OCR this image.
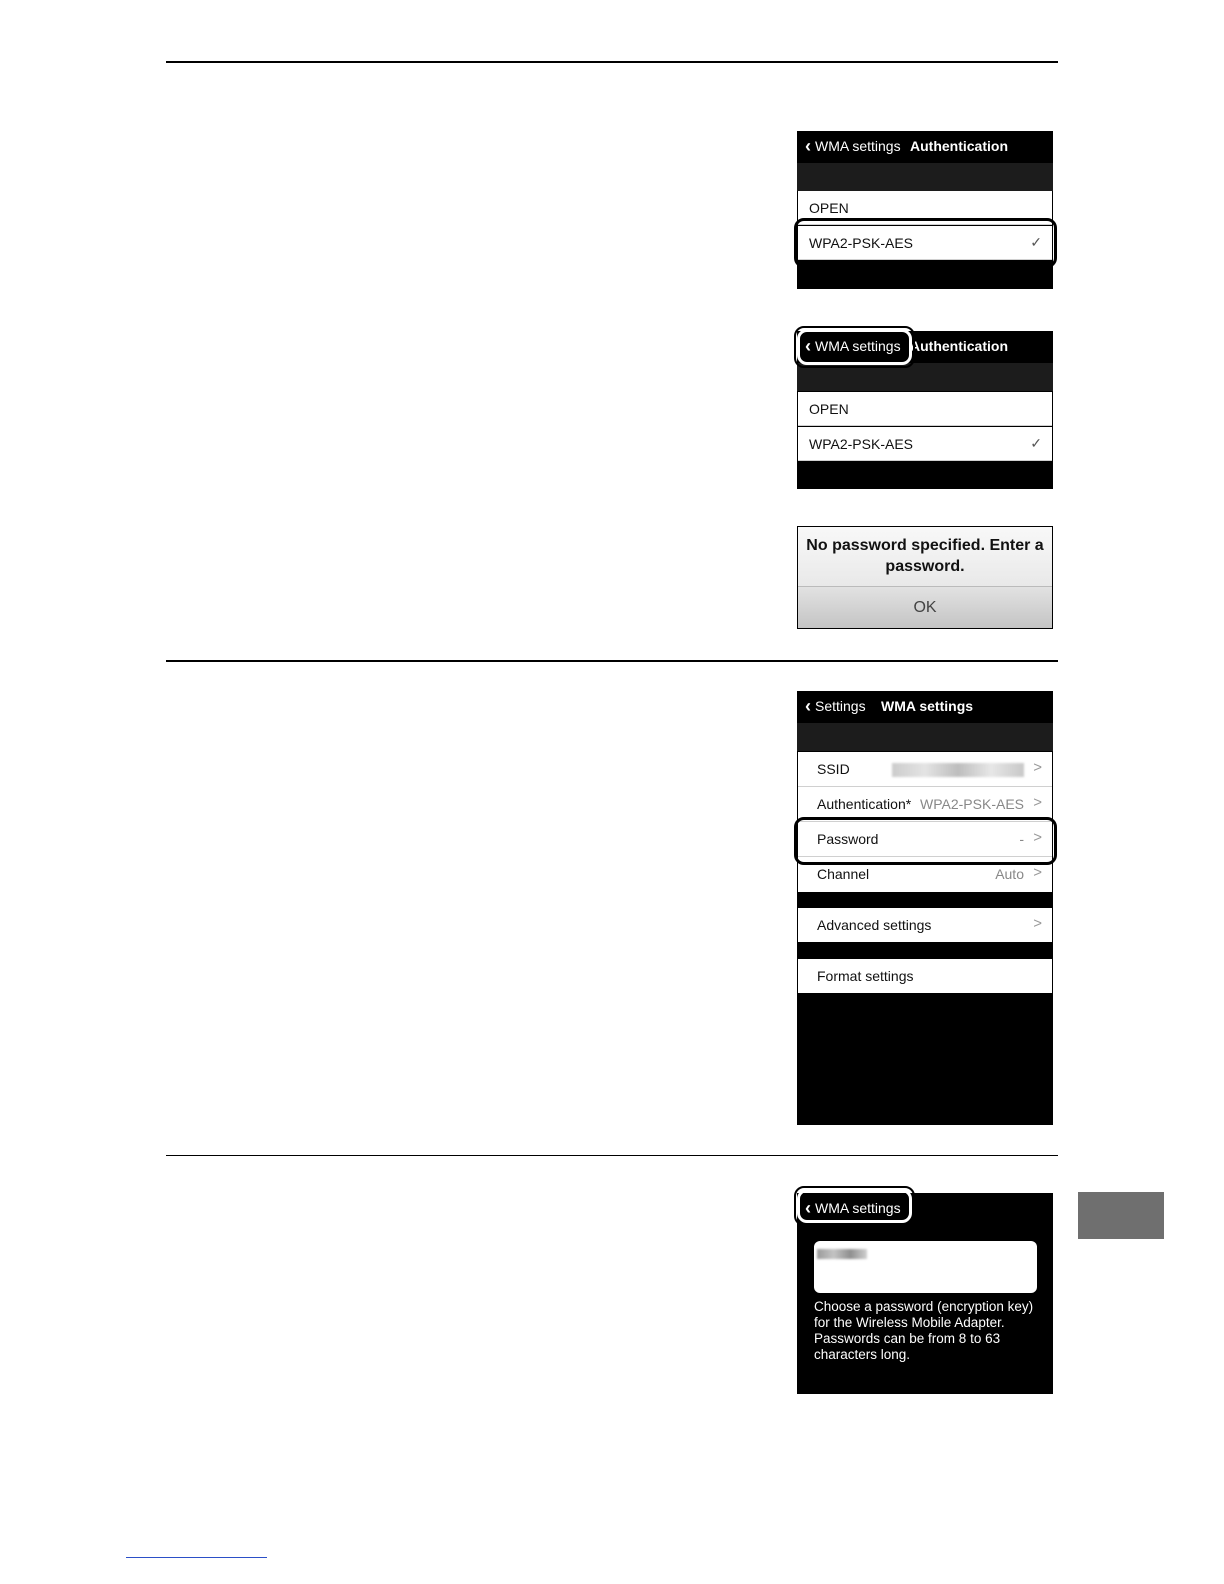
‹ WMA settings Authentication
OPEN
WPA2-PSK-AES	✓
‹ WMA settings Authentication
OPEN
WPA2-PSK-AES	✓
No password specified. Enter a password.
OK
‹ Settings WMA settings
SSID	>
Authentication* WPA2-PSK-AES >
Password	- >
Channel	Auto >
Advanced settings	>
Format settings
‹ WMA settings
Choose a password (encryption key) for the Wireless Mobile Adapter. Passwords can be from 8 to 63 characters long.
